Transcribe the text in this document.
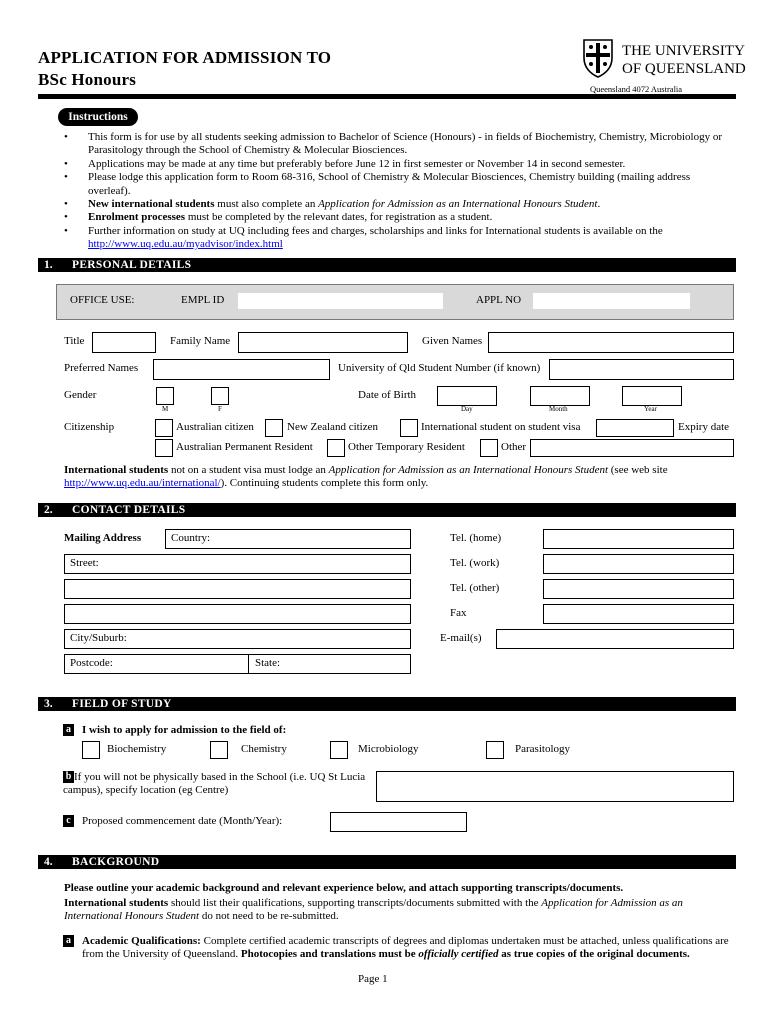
APPLICATION FOR ADMISSION TO
BSc Honours
THE UNIVERSITY
OF QUEENSLAND
Queensland 4072 Australia
Instructions
• This form is for use by all students seeking admission to Bachelor of Science (Honours) - in fields of Biochemistry, Chemistry, Microbiology or Parasitology through the School of Chemistry & Molecular Biosciences.
• Applications may be made at any time but preferably before June 12 in first semester or November 14 in second semester.
• Please lodge this application form to Room 68-316, School of Chemistry & Molecular Biosciences, Chemistry building (mailing address overleaf).
• New international students must also complete an Application for Admission as an International Honours Student.
• Enrolment processes must be completed by the relevant dates, for registration as a student.
• Further information on study at UQ including fees and charges, scholarships and links for International students is available on the http://www.uq.edu.au/myadvisor/index.html
1. PERSONAL DETAILS
OFFICE USE:	EMPL ID	APPL NO
Title	Family Name	Given Names
Preferred Names	University of Qld Student Number (if known)
Gender
M	F
Date of Birth
Day	Month	Year
Citizenship	Australian citizen	New Zealand citizen	International student on student visa	Expiry date
Australian Permanent Resident	Other Temporary Resident	Other
International students not on a student visa must lodge an Application for Admission as an International Honours Student (see web site
http://www.uq.edu.au/international/). Continuing students complete this form only.
2. CONTACT DETAILS
Mailing Address	Country:
Street:
City/Suburb:
Postcode:	State:
Tel. (home)
Tel. (work)
Tel. (other)
Fax
E-mail(s)
3. FIELD OF STUDY
a I wish to apply for admission to the field of:
Biochemistry	Chemistry	Microbiology	Parasitology
b If you will not be physically based in the School (i.e. UQ St Lucia
campus), specify location (eg Centre)
c Proposed commencement date (Month/Year):
4. BACKGROUND
Please outline your academic background and relevant experience below, and attach supporting transcripts/documents.
International students should list their qualifications, supporting transcripts/documents submitted with the Application for Admission as an International Honours Student do not need to be re-submitted.
a Academic Qualifications: Complete certified academic transcripts of degrees and diplomas undertaken must be attached, unless qualifications are from the University of Queensland. Photocopies and translations must be officially certified as true copies of the original documents.
Page 1
